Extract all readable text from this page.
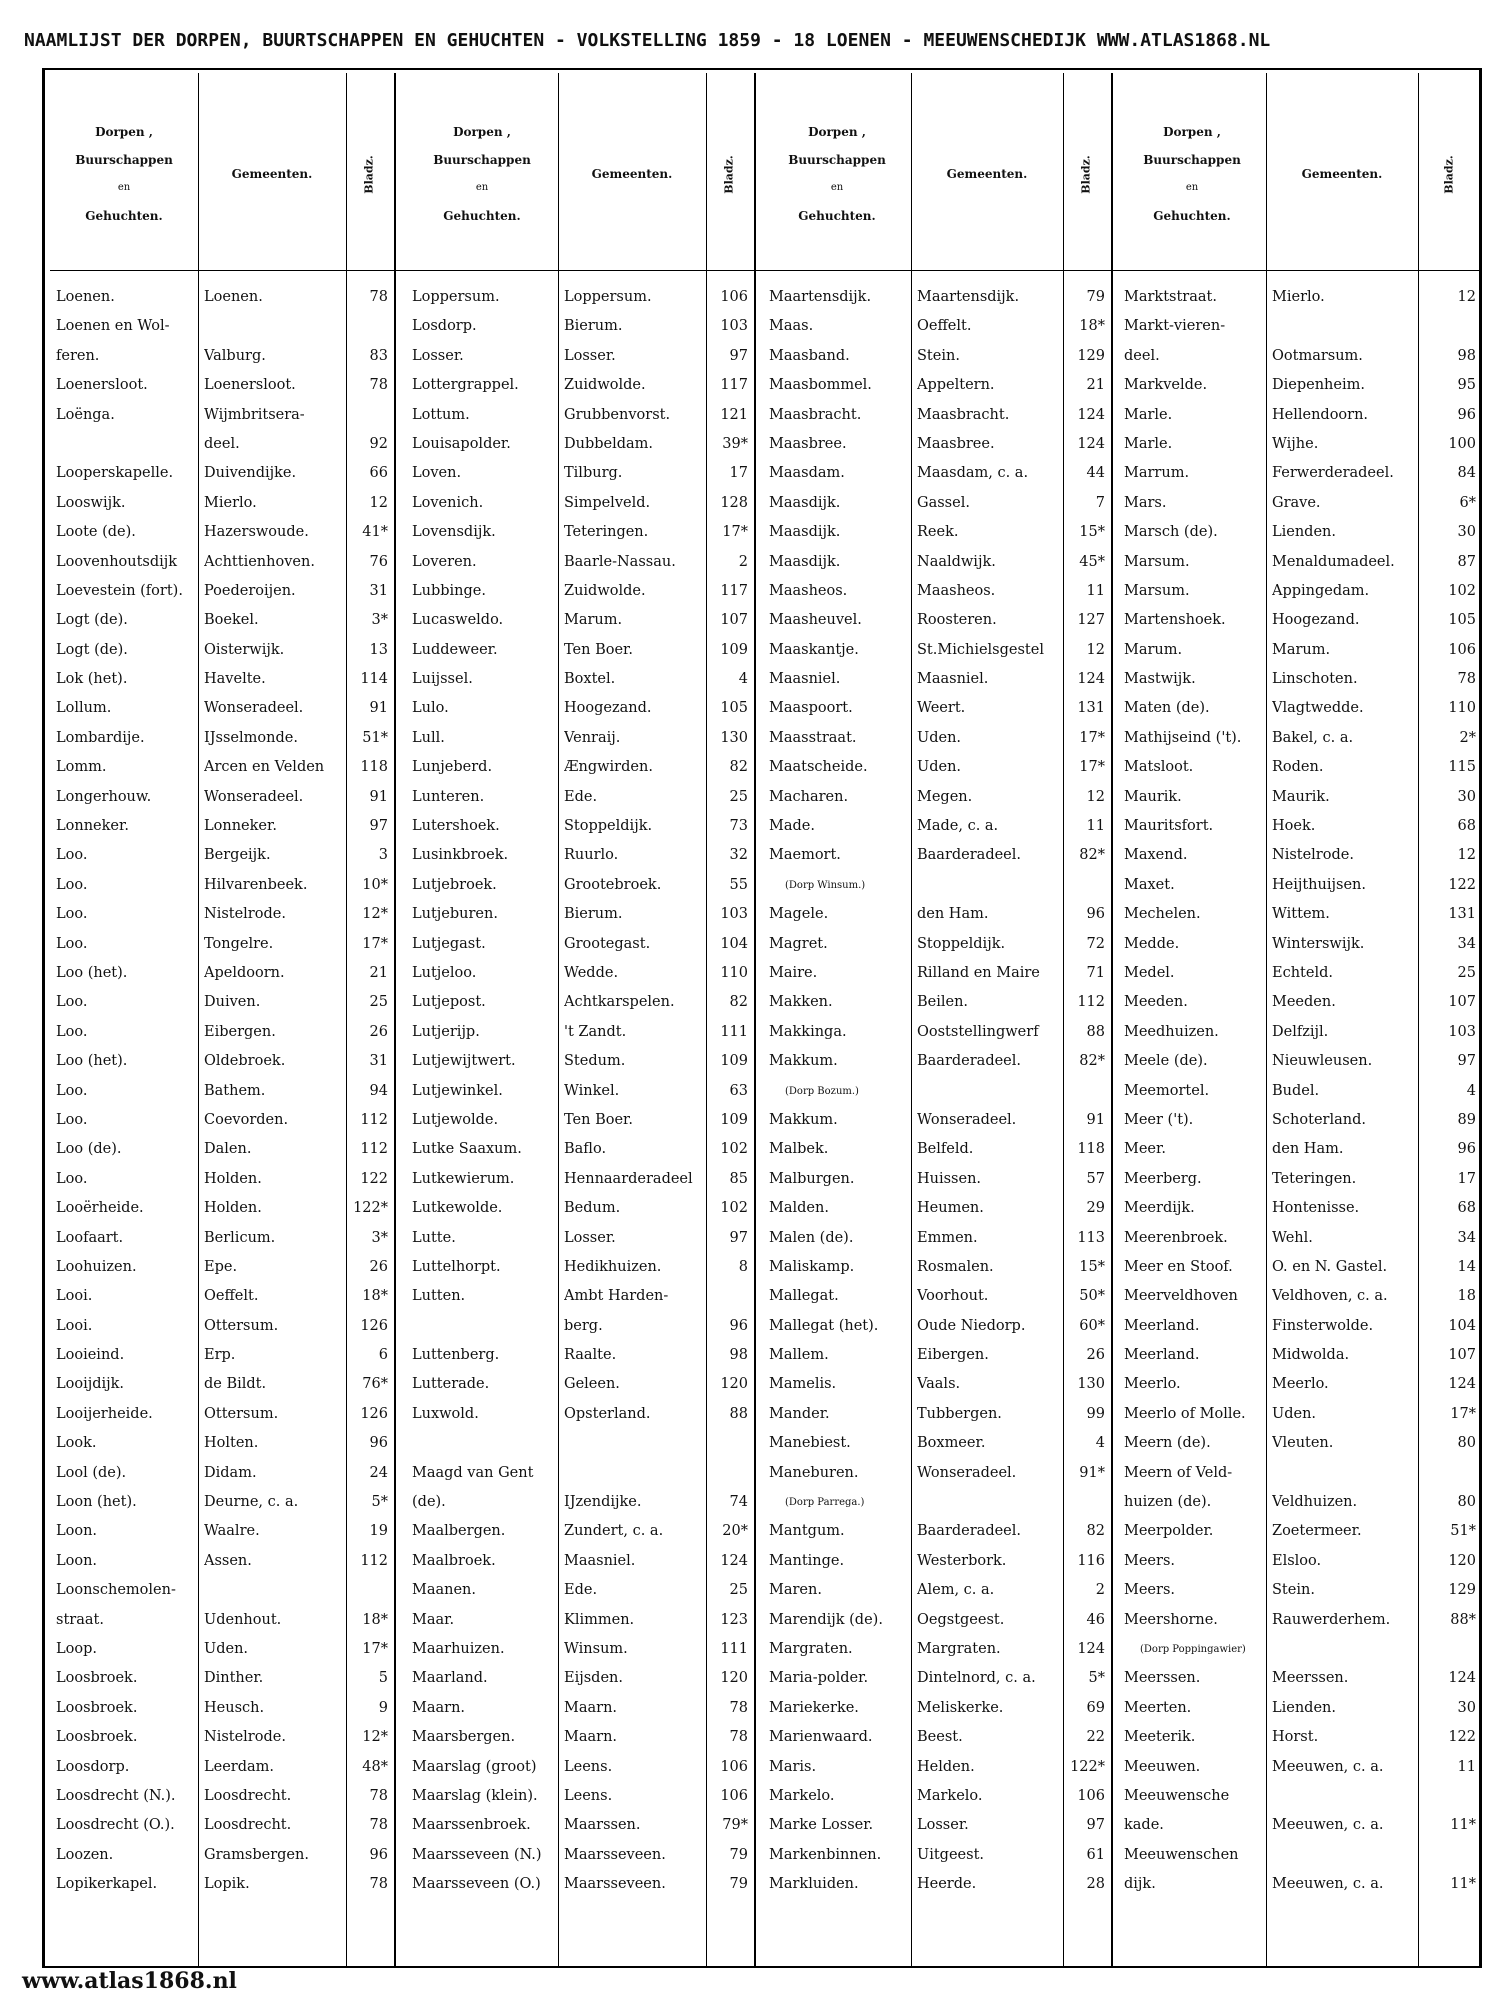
NAAMLIJST DER DORPEN, BUURTSCHAPPEN EN GEHUCHTEN - VOLKSTELLING 1859 - 18 LOENEN - MEEUWENSCHEDIJK WWW.ATLAS1868.NL
Dorpen ,
Buurschappen
en
Gehuchten.
Gemeenten.	Bladz.
Loenen.	Loenen.	78
Loenen en Wol-
feren.	Valburg.	83
Loenersloot.	Loenersloot.	78
Loënga.	Wijmbritsera-
deel.	92
Looperskapelle.	Duivendijke.	66
Looswijk.	Mierlo.	12
Loote (de).	Hazerswoude.	41*
Loovenhoutsdijk	Achttienhoven.	76
Loevestein (fort).	Poederoijen.	31
Logt (de).	Boekel.	3*
Logt (de).	Oisterwijk.	13
Lok (het).	Havelte.	114
Lollum.	Wonseradeel.	91
Lombardije.	IJsselmonde.	51*
Lomm.	Arcen en Velden	118
Longerhouw.	Wonseradeel.	91
Lonneker.	Lonneker.	97
Loo.	Bergeijk.	3
Loo.	Hilvarenbeek.	10*
Loo.	Nistelrode.	12*
Loo.	Tongelre.	17*
Loo (het).	Apeldoorn.	21
Loo.	Duiven.	25
Loo.	Eibergen.	26
Loo (het).	Oldebroek.	31
Loo.	Bathem.	94
Loo.	Coevorden.	112
Loo (de).	Dalen.	112
Loo.	Holden.	122
Looërheide.	Holden.	122*
Loofaart.	Berlicum.	3*
Loohuizen.	Epe.	26
Looi.	Oeffelt.	18*
Looi.	Ottersum.	126
Looieind.	Erp.	6
Looijdijk.	de Bildt.	76*
Looijerheide.	Ottersum.	126
Look.	Holten.	96
Lool (de).	Didam.	24
Loon (het).	Deurne, c. a.	5*
Loon.	Waalre.	19
Loon.	Assen.	112
Loonschemolen-
straat.	Udenhout.	18*
Loop.	Uden.	17*
Loosbroek.	Dinther.	5
Loosbroek.	Heusch.	9
Loosbroek.	Nistelrode.	12*
Loosdorp.	Leerdam.	48*
Loosdrecht (N.).	Loosdrecht.	78
Loosdrecht (O.).	Loosdrecht.	78
Loozen.	Gramsbergen.	96
Lopikerkapel.	Lopik.	78
Dorpen ,
Buurschappen
en
Gehuchten.
Gemeenten.	Bladz.
Loppersum.	Loppersum.	106
Losdorp.	Bierum.	103
Losser.	Losser.	97
Lottergrappel.	Zuidwolde.	117
Lottum.	Grubbenvorst.	121
Louisapolder.	Dubbeldam.	39*
Loven.	Tilburg.	17
Lovenich.	Simpelveld.	128
Lovensdijk.	Teteringen.	17*
Loveren.	Baarle-Nassau.	2
Lubbinge.	Zuidwolde.	117
Lucasweldo.	Marum.	107
Luddeweer.	Ten Boer.	109
Luijssel.	Boxtel.	4
Lulo.	Hoogezand.	105
Lull.	Venraij.	130
Lunjeberd.	Ængwirden.	82
Lunteren.	Ede.	25
Lutershoek.	Stoppeldijk.	73
Lusinkbroek.	Ruurlo.	32
Lutjebroek.	Grootebroek.	55
Lutjeburen.	Bierum.	103
Lutjegast.	Grootegast.	104
Lutjeloo.	Wedde.	110
Lutjepost.	Achtkarspelen.	82
Lutjerijp.	't Zandt.	111
Lutjewijtwert.	Stedum.	109
Lutjewinkel.	Winkel.	63
Lutjewolde.	Ten Boer.	109
Lutke Saaxum.	Baflo.	102
Lutkewierum.	Hennaarderadeel	85
Lutkewolde.	Bedum.	102
Lutte.	Losser.	97
Luttelhorpt.	Hedikhuizen.	8
Lutten.	Ambt Harden-
berg.	96
Luttenberg.	Raalte.	98
Lutterade.	Geleen.	120
Luxwold.	Opsterland.	88
Maagd van Gent
(de).	IJzendijke.	74
Maalbergen.	Zundert, c. a.	20*
Maalbroek.	Maasniel.	124
Maanen.	Ede.	25
Maar.	Klimmen.	123
Maarhuizen.	Winsum.	111
Maarland.	Eijsden.	120
Maarn.	Maarn.	78
Maarsbergen.	Maarn.	78
Maarslag (groot)	Leens.	106
Maarslag (klein).	Leens.	106
Maarssenbroek.	Maarssen.	79*
Maarsseveen (N.)	Maarsseveen.	79
Maarsseveen (O.)	Maarsseveen.	79
Dorpen ,
Buurschappen
en
Gehuchten.
Gemeenten.	Bladz.
Maartensdijk.	Maartensdijk.	79
Maas.	Oeffelt.	18*
Maasband.	Stein.	129
Maasbommel.	Appeltern.	21
Maasbracht.	Maasbracht.	124
Maasbree.	Maasbree.	124
Maasdam.	Maasdam, c. a.	44
Maasdijk.	Gassel.	7
Maasdijk.	Reek.	15*
Maasdijk.	Naaldwijk.	45*
Maasheos.	Maasheos.	11
Maasheuvel.	Roosteren.	127
Maaskantje.	St.Michielsgestel	12
Maasniel.	Maasniel.	124
Maaspoort.	Weert.	131
Maasstraat.	Uden.	17*
Maatscheide.	Uden.	17*
Macharen.	Megen.	12
Made.	Made, c. a.	11
Maemort.	Baarderadeel.	82*
(Dorp Winsum.)
Magele.	den Ham.	96
Magret.	Stoppeldijk.	72
Maire.	Rilland en Maire	71
Makken.	Beilen.	112
Makkinga.	Ooststellingwerf	88
Makkum.	Baarderadeel.	82*
(Dorp Bozum.)
Makkum.	Wonseradeel.	91
Malbek.	Belfeld.	118
Malburgen.	Huissen.	57
Malden.	Heumen.	29
Malen (de).	Emmen.	113
Maliskamp.	Rosmalen.	15*
Mallegat.	Voorhout.	50*
Mallegat (het).	Oude Niedorp.	60*
Mallem.	Eibergen.	26
Mamelis.	Vaals.	130
Mander.	Tubbergen.	99
Manebiest.	Boxmeer.	4
Maneburen.	Wonseradeel.	91*
(Dorp Parrega.)
Mantgum.	Baarderadeel.	82
Mantinge.	Westerbork.	116
Maren.	Alem, c. a.	2
Marendijk (de).	Oegstgeest.	46
Margraten.	Margraten.	124
Maria-polder.	Dintelnord, c. a.	5*
Mariekerke.	Meliskerke.	69
Marienwaard.	Beest.	22
Maris.	Helden.	122*
Markelo.	Markelo.	106
Marke Losser.	Losser.	97
Markenbinnen.	Uitgeest.	61
Markluiden.	Heerde.	28
Dorpen ,
Buurschappen
en
Gehuchten.
Gemeenten.	Bladz.
Marktstraat.	Mierlo.	12
Markt-vieren-
deel.	Ootmarsum.	98
Markvelde.	Diepenheim.	95
Marle.	Hellendoorn.	96
Marle.	Wijhe.	100
Marrum.	Ferwerderadeel.	84
Mars.	Grave.	6*
Marsch (de).	Lienden.	30
Marsum.	Menaldumadeel.	87
Marsum.	Appingedam.	102
Martenshoek.	Hoogezand.	105
Marum.	Marum.	106
Mastwijk.	Linschoten.	78
Maten (de).	Vlagtwedde.	110
Mathijseind ('t).	Bakel, c. a.	2*
Matsloot.	Roden.	115
Maurik.	Maurik.	30
Mauritsfort.	Hoek.	68
Maxend.	Nistelrode.	12
Maxet.	Heijthuijsen.	122
Mechelen.	Wittem.	131
Medde.	Winterswijk.	34
Medel.	Echteld.	25
Meeden.	Meeden.	107
Meedhuizen.	Delfzijl.	103
Meele (de).	Nieuwleusen.	97
Meemortel.	Budel.	4
Meer ('t).	Schoterland.	89
Meer.	den Ham.	96
Meerberg.	Teteringen.	17
Meerdijk.	Hontenisse.	68
Meerenbroek.	Wehl.	34
Meer en Stoof.	O. en N. Gastel.	14
Meerveldhoven	Veldhoven, c. a.	18
Meerland.	Finsterwolde.	104
Meerland.	Midwolda.	107
Meerlo.	Meerlo.	124
Meerlo of Molle.	Uden.	17*
Meern (de).	Vleuten.	80
Meern of Veld-
huizen (de).	Veldhuizen.	80
Meerpolder.	Zoetermeer.	51*
Meers.	Elsloo.	120
Meers.	Stein.	129
Meershorne.	Rauwerderhem.	88*
(Dorp Poppingawier)
Meerssen.	Meerssen.	124
Meerten.	Lienden.	30
Meeterik.	Horst.	122
Meeuwen.	Meeuwen, c. a.	11
Meeuwensche
kade.	Meeuwen, c. a.	11*
Meeuwenschen
dijk.	Meeuwen, c. a.	11*
www.atlas1868.nl
